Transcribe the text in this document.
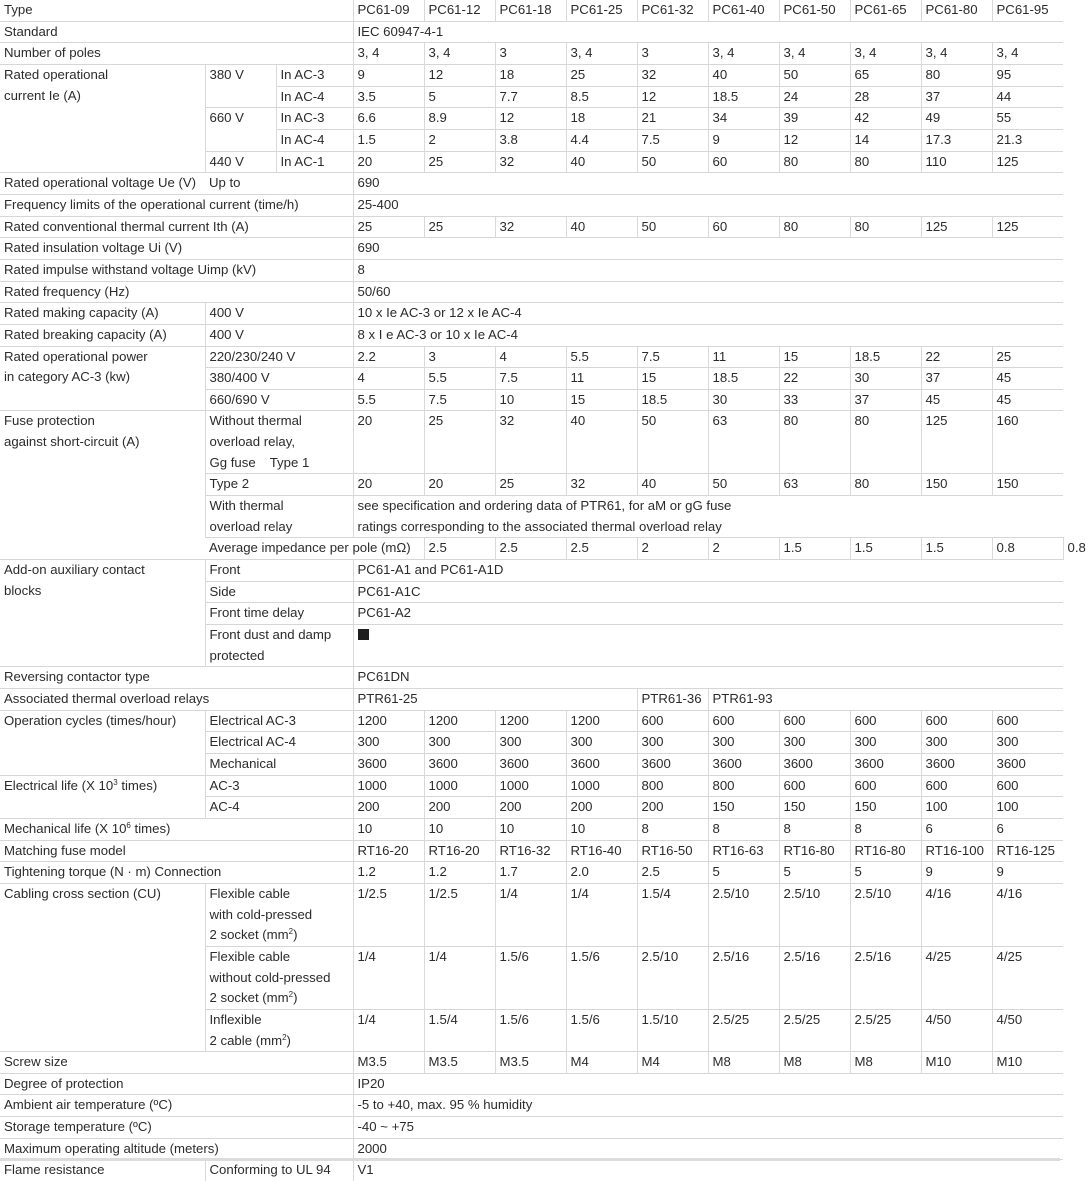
Type			PC61-09	PC61-12	PC61-18	PC61-25	PC61-32	PC61-40	PC61-50	PC61-65	PC61-80	PC61-95	
Standard			IEC 60947-4-1										
Number of poles			3, 4	3, 4	3	3, 4	3	3, 4	3, 4	3, 4	3, 4	3, 4	
Rated operational
current Ie (A)	380 V	In AC-3	9	12	18	25	32	40	50	65	80	95	
		In AC-4	3.5	5	7.7	8.5	12	18.5	24	28	37	44	
	660 V	In AC-3	6.6	8.9	12	18	21	34	39	42	49	55	
		In AC-4	1.5	2	3.8	4.4	7.5	9	12	14	17.3	21.3	
	440 V	In AC-1	20	25	32	40	50	60	80	80	110	125	
Rated operational voltage Ue (V)	Up to		690										
Frequency limits of the operational current (time/h)			25-400										
Rated conventional thermal current Ith (A)			25	25	32	40	50	60	80	80	125	125	
Rated insulation voltage Ui (V)			690										
Rated impulse withstand voltage Uimp (kV)			8										
Rated frequency (Hz)			50/60										
Rated making capacity (A)	400 V		10 x Ie AC-3 or 12 x Ie AC-4										
Rated breaking capacity (A)	400 V		8 x I e AC-3 or 10 x Ie AC-4										
Rated operational power
in category AC-3 (kw)	220/230/240 V		2.2	3	4	5.5	7.5	11	15	18.5	22	25	
	380/400 V		4	5.5	7.5	11	15	18.5	22	30	37	45	
	660/690 V		5.5	7.5	10	15	18.5	30	33	37	45	45	
Fuse protection
against short-circuit (A)	Without thermal
overload relay,
Gg fuse Type 1		20	25	32	40	50	63	80	80	125	160	
	Type 2		20	20	25	32	40	50	63	80	150	150	
	With thermal
overload relay		see specification and ordering data of PTR61, for aM or gG fuse
ratings corresponding to the associated thermal overload relay										
	Average impedance per pole (mΩ)			2.5	2.5	2.5	2	2	1.5	1.5	1.5	0.8	0.8
Add-on auxiliary contact
blocks	Front		PC61-A1 and PC61-A1D										
	Side		PC61-A1C										
	Front time delay		PC61-A2										
	Front dust and damp
protected												
Reversing contactor type			PC61DN										
Associated thermal overload relays			PTR61-25				PTR61-36	PTR61-93					
Operation cycles (times/hour)	Electrical AC-3		1200	1200	1200	1200	600	600	600	600	600	600	
	Electrical AC-4		300	300	300	300	300	300	300	300	300	300	
	Mechanical		3600	3600	3600	3600	3600	3600	3600	3600	3600	3600	
Electrical life (X $10^3$ times)	AC-3		1000	1000	1000	1000	800	800	600	600	600	600	
	AC-4		200	200	200	200	200	150	150	150	100	100	
Mechanical life (X $10^6$ times)			10	10	10	10	8	8	8	8	6	6	
Matching fuse model			RT16-20	RT16-20	RT16-32	RT16-40	RT16-50	RT16-63	RT16-80	RT16-80	RT16-100	RT16-125	
Tightening torque (N · m) Connection			1.2	1.2	1.7	2.0	2.5	5	5	5	9	9	
Cabling cross section (CU)	Flexible cable
with cold-pressed
2 socket $(mm^2)$		1/2.5	1/2.5	1/4	1/4	1.5/4	2.5/10	2.5/10	2.5/10	4/16	4/16	
	Flexible cable
without cold-pressed
2 socket $(mm^2)$		1/4	1/4	1.5/6	1.5/6	2.5/10	2.5/16	2.5/16	2.5/16	4/25	4/25	
	Inflexible
2 cable $(mm^2)$		1/4	1.5/4	1.5/6	1.5/6	1.5/10	2.5/25	2.5/25	2.5/25	4/50	4/50	
Screw size			M3.5	M3.5	M3.5	M4	M4	M8	M8	M8	M10	M10	
Degree of protection			IP20										
Ambient air temperature (ºC)			-5 to +40, max. 95 % humidity										
Storage temperature (ºC)			-40 ~ +75										
Maximum operating altitude (meters)			2000										
Flame resistance	Conforming to UL 94		V1										
